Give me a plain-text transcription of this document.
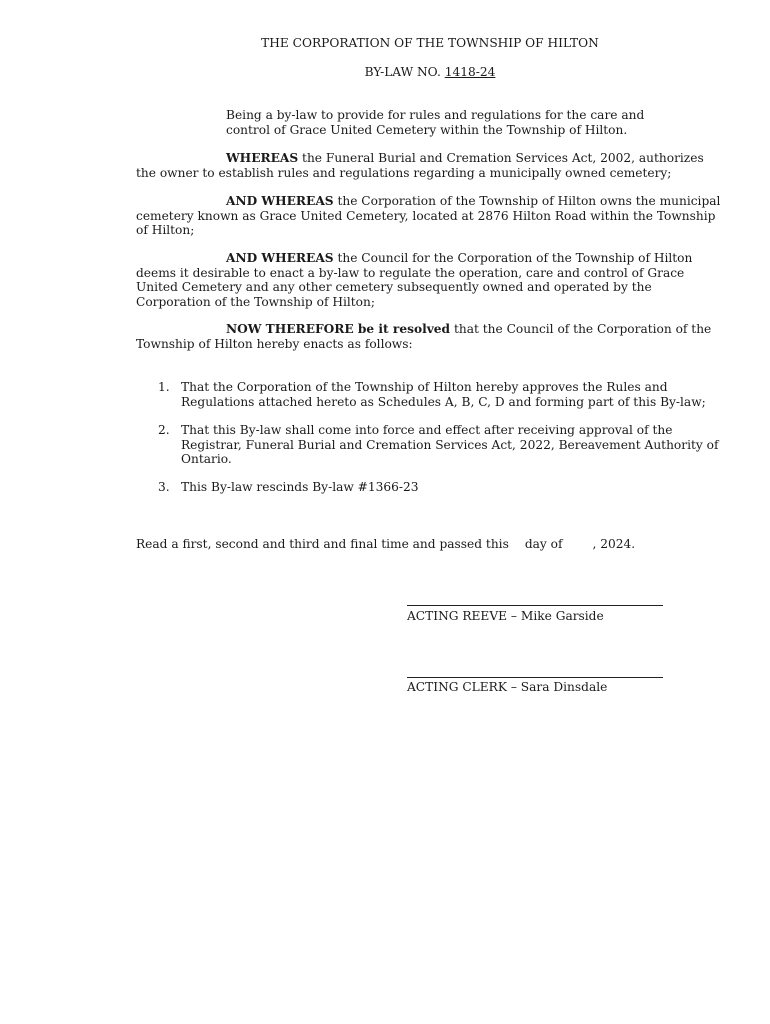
THE CORPORATION OF THE TOWNSHIP OF HILTON
BY-LAW NO. 1418-24
Being a by-law to provide for rules and regulations for the care and
control of Grace United Cemetery within the Township of Hilton.

WHEREAS the Funeral Burial and Cremation Services Act, 2002, authorizes the owner to establish rules and regulations regarding a municipally owned cemetery;

AND WHEREAS the Corporation of the Township of Hilton owns the municipal cemetery known as Grace United Cemetery, located at 2876 Hilton Road within the Township of Hilton;

AND WHEREAS the Council for the Corporation of the Township of Hilton deems it desirable to enact a by-law to regulate the operation, care and control of Grace United Cemetery and any other cemetery subsequently owned and operated by the Corporation of the Township of Hilton;

NOW THEREFORE be it resolved that the Council of the Corporation of the Township of Hilton hereby enacts as follows:

1. That the Corporation of the Township of Hilton hereby approves the Rules and Regulations attached hereto as Schedules A, B, C, D and forming part of this By-law;
2. That this By-law shall come into force and effect after receiving approval of the Registrar, Funeral Burial and Cremation Services Act, 2022, Bereavement Authority of Ontario.
3. This By-law rescinds By-law #1366-23
Read a first, second and third and final time and passed this day of , 2024.
ACTING REEVE – Mike Garside
ACTING CLERK – Sara Dinsdale
